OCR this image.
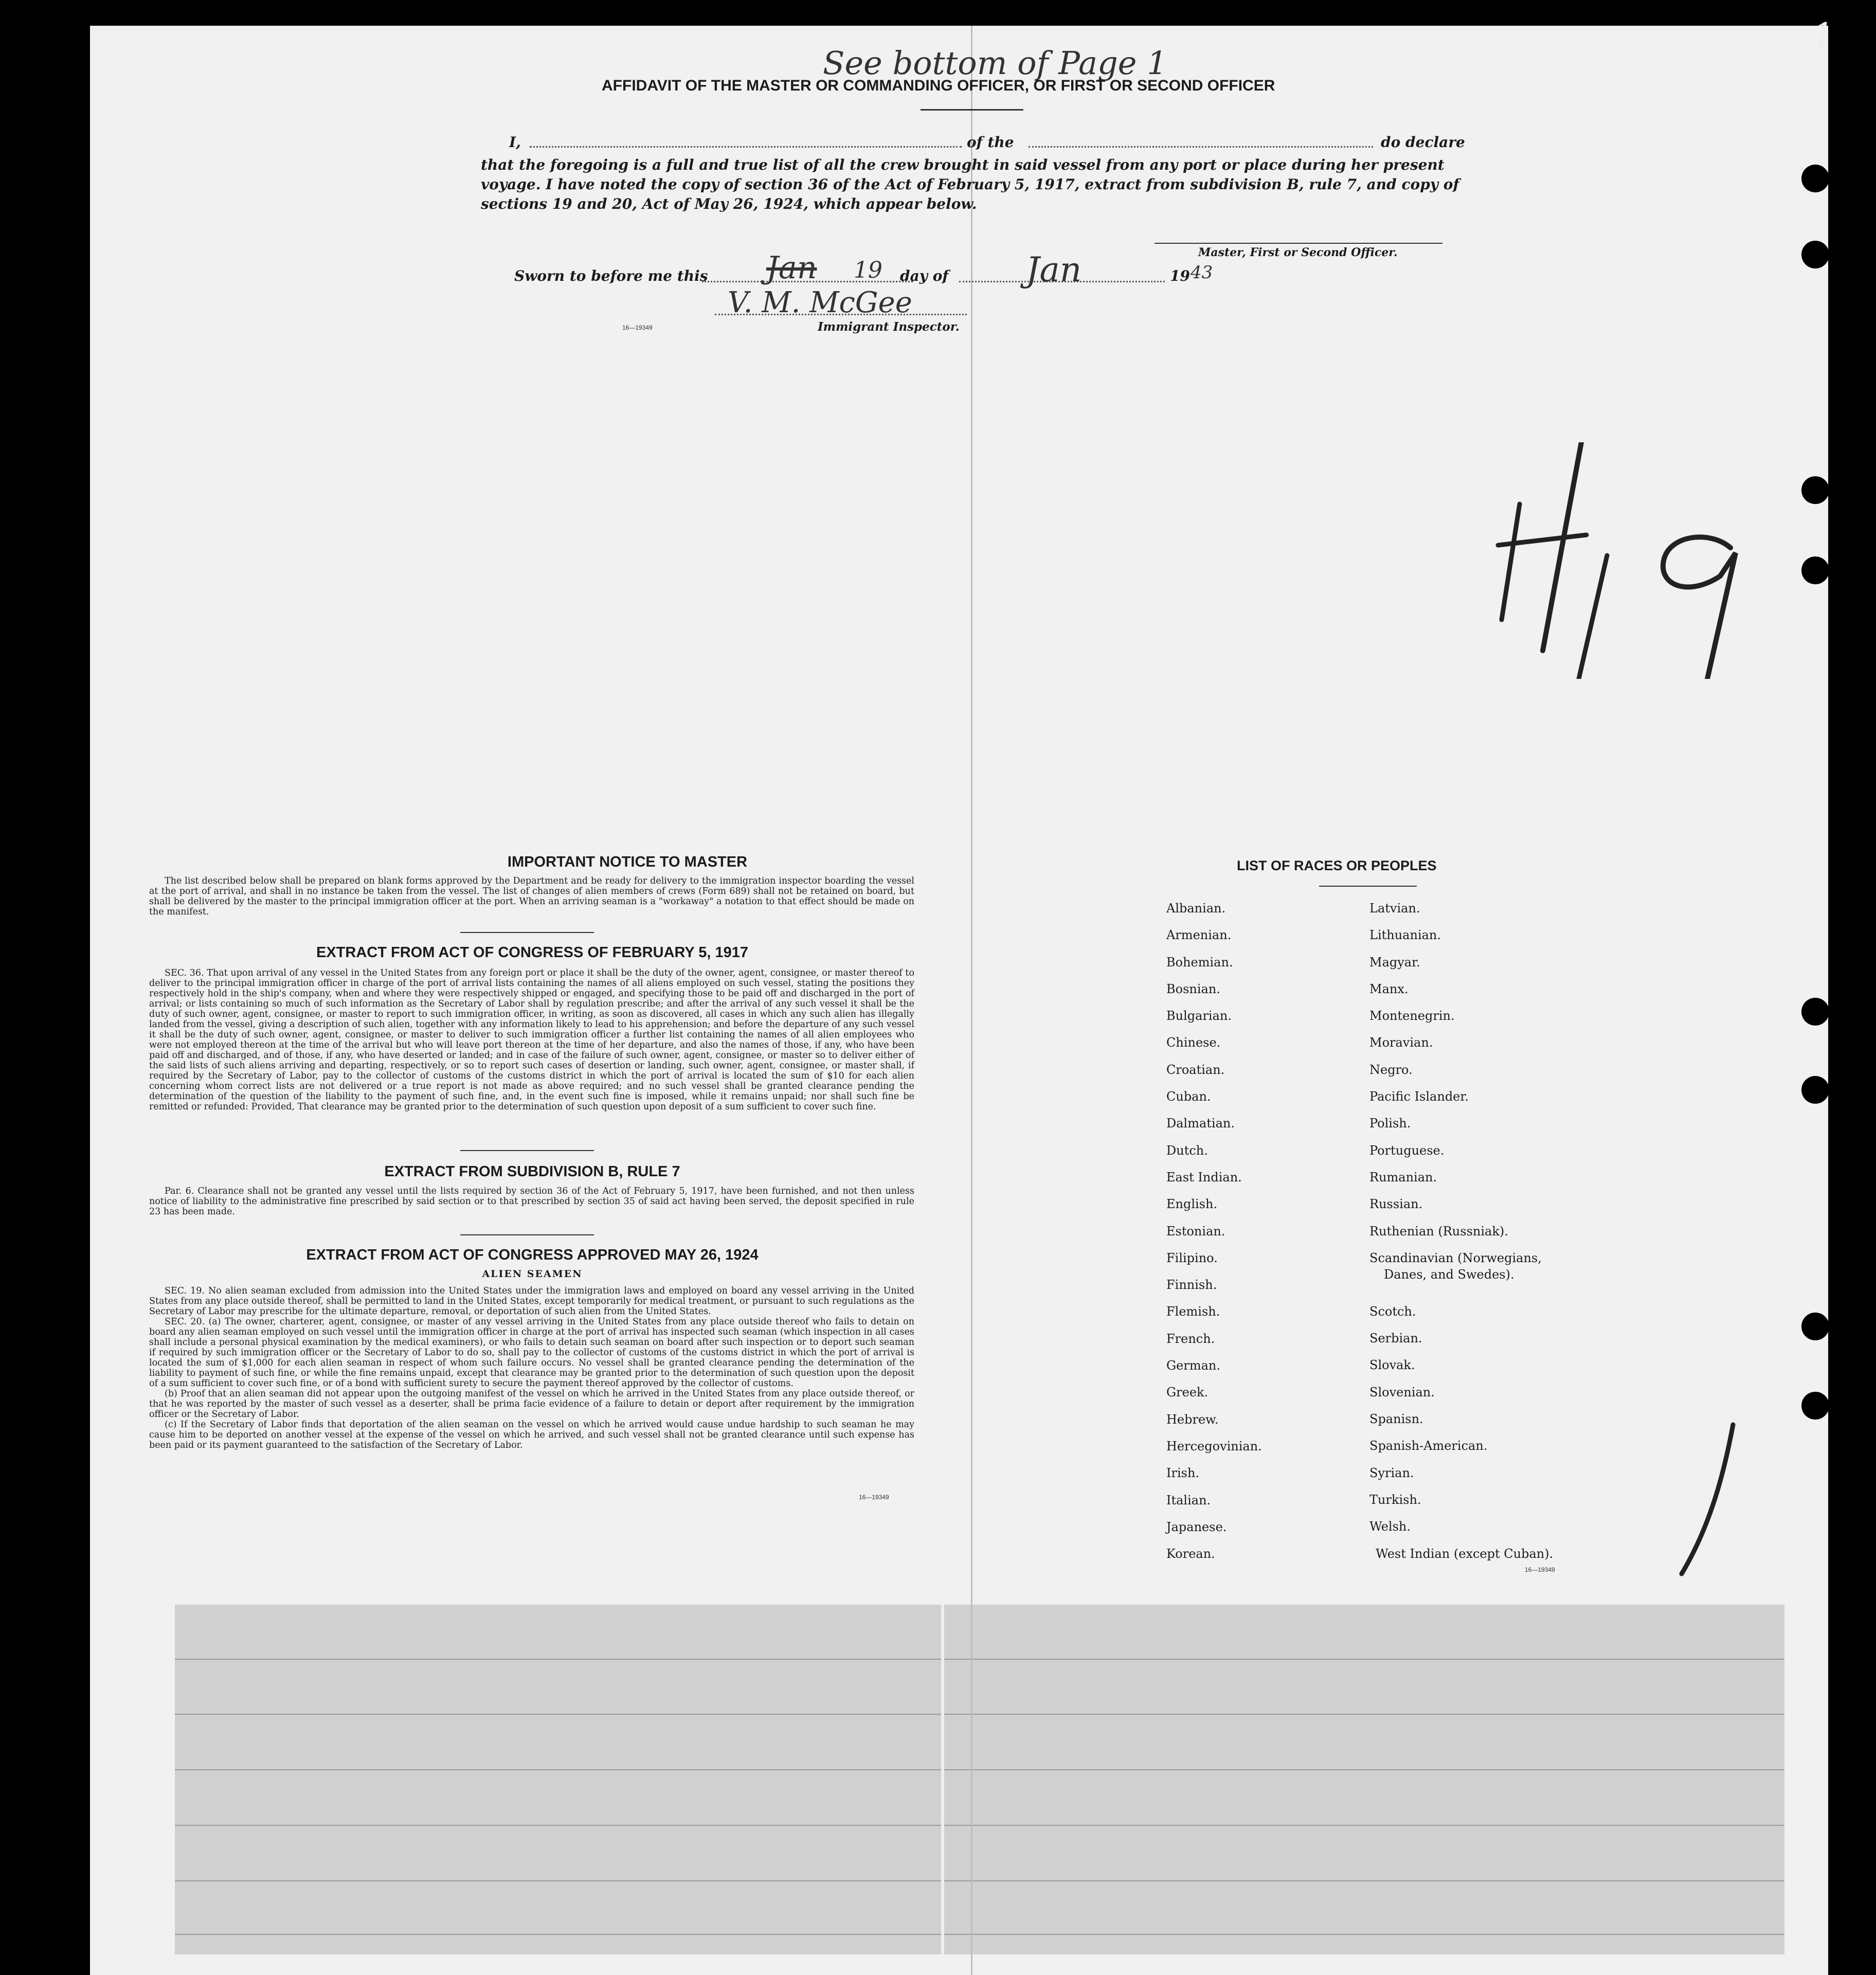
See bottom of Page 1
1
AFFIDAVIT OF THE MASTER OR COMMANDING OFFICER, OR FIRST OR SECOND OFFICER
I,	of the	do declare
that the foregoing is a full and true list of all the crew brought in said vessel from any port or place during her present voyage. I have noted the copy of section 36 of the Act of February 5, 1917, extract from subdivision B, rule 7, and copy of sections 19 and 20, Act of May 26, 1924, which appear below.
Master, First or Second Officer.
Sworn to before me this Jan 19 day of Jan	19 43
V. M. McGee
16—19349	Immigrant Inspector.
149
IMPORTANT NOTICE TO MASTER

The list described below shall be prepared on blank forms approved by the Department and be ready for delivery to the immigration inspector boarding the vessel at the port of arrival, and shall in no instance be taken from the vessel. The list of changes of alien members of crews (Form 689) shall not be retained on board, but shall be delivered by the master to the principal immigration officer at the port. When an arriving seaman is a "workaway" a notation to that effect should be made on the manifest.

EXTRACT FROM ACT OF CONGRESS OF FEBRUARY 5, 1917

SEC. 36. That upon arrival of any vessel in the United States from any foreign port or place it shall be the duty of the owner, agent, consignee, or master thereof to deliver to the principal immigration officer in charge of the port of arrival lists containing the names of all aliens employed on such vessel, stating the positions they respectively hold in the ship's company, when and where they were respectively shipped or engaged, and specifying those to be paid off and discharged in the port of arrival; or lists containing so much of such information as the Secretary of Labor shall by regulation prescribe; and after the arrival of any such vessel it shall be the duty of such owner, agent, consignee, or master to report to such immigration officer, in writing, as soon as discovered, all cases in which any such alien has illegally landed from the vessel, giving a description of such alien, together with any information likely to lead to his apprehension; and before the departure of any such vessel it shall be the duty of such owner, agent, consignee, or master to deliver to such immigration officer a further list containing the names of all alien employees who were not employed thereon at the time of the arrival but who will leave port thereon at the time of her departure, and also the names of those, if any, who have been paid off and discharged, and of those, if any, who have deserted or landed; and in case of the failure of such owner, agent, consignee, or master so to deliver either of the said lists of such aliens arriving and departing, respectively, or so to report such cases of desertion or landing, such owner, agent, consignee, or master shall, if required by the Secretary of Labor, pay to the collector of customs of the customs district in which the port of arrival is located the sum of $10 for each alien concerning whom correct lists are not delivered or a true report is not made as above required; and no such vessel shall be granted clearance pending the determination of the question of the liability to the payment of such fine, and, in the event such fine is imposed, while it remains unpaid; nor shall such fine be remitted or refunded: Provided, That clearance may be granted prior to the determination of such question upon deposit of a sum sufficient to cover such fine.

EXTRACT FROM SUBDIVISION B, RULE 7

Par. 6. Clearance shall not be granted any vessel until the lists required by section 36 of the Act of February 5, 1917, have been furnished, and not then unless notice of liability to the administrative fine prescribed by said section or to that prescribed by section 35 of said act having been served, the deposit specified in rule 23 has been made.

EXTRACT FROM ACT OF CONGRESS APPROVED MAY 26, 1924
ALIEN SEAMEN

SEC. 19. No alien seaman excluded from admission into the United States under the immigration laws and employed on board any vessel arriving in the United States from any place outside thereof, shall be permitted to land in the United States, except temporarily for medical treatment, or pursuant to such regulations as the Secretary of Labor may prescribe for the ultimate departure, removal, or deportation of such alien from the United States.

SEC. 20. (a) The owner, charterer, agent, consignee, or master of any vessel arriving in the United States from any place outside thereof who fails to detain on board any alien seaman employed on such vessel until the immigration officer in charge at the port of arrival has inspected such seaman (which inspection in all cases shall include a personal physical examination by the medical examiners), or who fails to detain such seaman on board after such inspection or to deport such seaman if required by such immigration officer or the Secretary of Labor to do so, shall pay to the collector of customs of the customs district in which the port of arrival is located the sum of $1,000 for each alien seaman in respect of whom such failure occurs. No vessel shall be granted clearance pending the determination of the liability to payment of such fine, or while the fine remains unpaid, except that clearance may be granted prior to the determination of such question upon the deposit of a sum sufficient to cover such fine, or of a bond with sufficient surety to secure the payment thereof approved by the collector of customs.

(b) Proof that an alien seaman did not appear upon the outgoing manifest of the vessel on which he arrived in the United States from any place outside thereof, or that he was reported by the master of such vessel as a deserter, shall be prima facie evidence of a failure to detain or deport after requirement by the immigration officer or the Secretary of Labor.

(c) If the Secretary of Labor finds that deportation of the alien seaman on the vessel on which he arrived would cause undue hardship to such seaman he may cause him to be deported on another vessel at the expense of the vessel on which he arrived, and such vessel shall not be granted clearance until such expense has been paid or its payment guaranteed to the satisfaction of the Secretary of Labor.

16—19349
LIST OF RACES OR PEOPLES
Albanian.
Armenian.
Bohemian.
Bosnian.
Bulgarian.
Chinese.
Croatian.
Cuban.
Dalmatian.
Dutch.
East Indian.
English.
Estonian.
Filipino.
Finnish.
Flemish.
French.
German.
Greek.
Hebrew.
Hercegovinian.
Irish.
Italian.
Japanese.
Korean.
Latvian.
Lithuanian.
Magyar.
Manx.
Montenegrin.
Moravian.
Negro.
Pacific Islander.
Polish.
Portuguese.
Rumanian.
Russian.
Ruthenian (Russniak).
Scandinavian (Norwegians,
Danes, and Swedes).
Scotch.
Serbian.
Slovak.
Slovenian.
Spanisn.
Spanish-American.
Syrian.
Turkish.
Welsh.
West Indian (except Cuban).
16—19349
